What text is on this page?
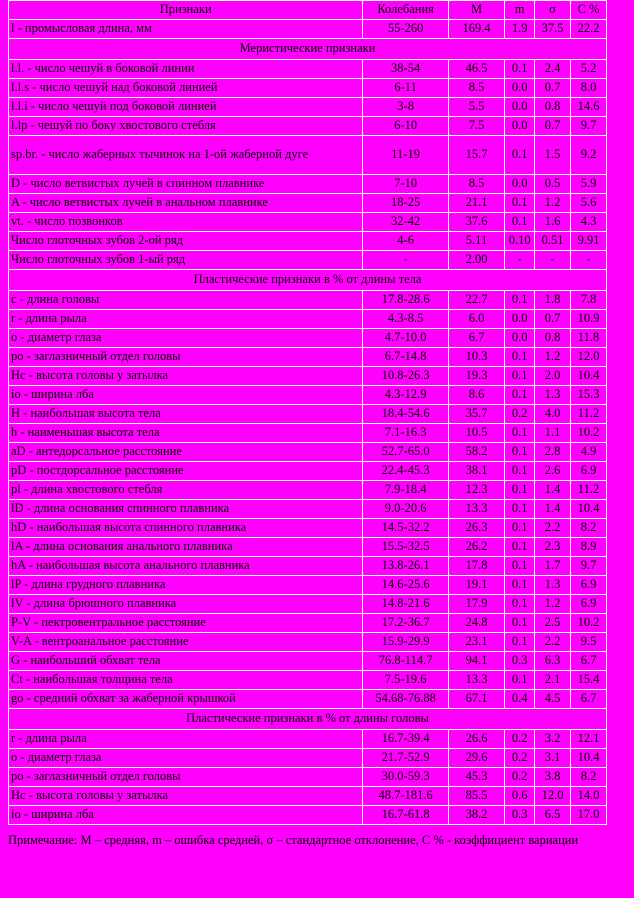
Признаки	Колебания	M	m	σ	C %
l - промысловая длина, мм	55-260	169.4	1.9	37.5	22.2
Меристические признаки					
l.l. - число чешуй в боковой линии	38-54	46.5	0.1	2.4	5.2
l.l.s - число чешуй над боковой линией	6-11	8.5	0.0	0.7	8.0
l.l.i - число чешуй под боковой линией	3-8	5.5	0.0	0.8	14.6
l.lp - чешуй по боку хвостового стебля	6-10	7.5	0.0	0.7	9.7
sp.br. - число жаберных тычинок на 1-ой жаберной дуге	11-19	15.7	0.1	1.5	9.2
D - число ветвистых лучей в спинном плавнике	7-10	8.5	0.0	0.5	5.9
A - число ветвистых лучей в анальном плавнике	18-25	21.1	0.1	1.2	5.6
vt. - число позвонков	32-42	37.6	0.1	1.6	4.3
Число глоточных зубов 2-ой ряд	4-6	5.11	0.10	0.51	9.91
Число глоточных зубов 1-ый ряд	-	2.00	-	-	-
Пластические признаки в % от длины тела					
c - длина головы	17.8-28.6	22.7	0.1	1.8	7.8
r - длина рыла	4.3-8.5	6.0	0.0	0.7	10.9
o - диаметр глаза	4.7-10.0	6.7	0.0	0.8	11.8
po - заглазничный отдел головы	6.7-14.8	10.3	0.1	1.2	12.0
Hc - высота головы у затылка	10.8-26.3	19.3	0.1	2.0	10.4
io - ширина лба	4.3-12.9	8.6	0.1	1.3	15.3
H - наибольшая высота тела	18.4-54.6	35.7	0.2	4.0	11.2
h - наименьшая высота тела	7.1-16.3	10.5	0.1	1.1	10.2
aD - антедорсальное расстояние	52.7-65.0	58.2	0.1	2.8	4.9
pD - постдорсальное расстояние	22.4-45.3	38.1	0.1	2.6	6.9
pl - длина хвостового стебля	7.9-18.4	12.3	0.1	1.4	11.2
lD - длина основания спинного плавника	9.0-20.6	13.3	0.1	1.4	10.4
hD - наибольшая высота спинного плавника	14.5-32.2	26.3	0.1	2.2	8.2
lA - длина основания анального плавника	15.5-32.5	26.2	0.1	2.3	8.9
hA - наибольшая высота анального плавника	13.8-26.1	17.8	0.1	1.7	9.7
lP - длина грудного плавника	14.6-25.6	19.1	0.1	1.3	6.9
lV - длина брюшного плавника	14.8-21.6	17.9	0.1	1.2	6.9
P-V - пектровентральное расстояние	17.2-36.7	24.8	0.1	2.5	10.2
V-A - вентроанальное расстояние	15.9-29.9	23.1	0.1	2.2	9.5
G - наибольший обхват тела	76.8-114.7	94.1	0.3	6.3	6.7
Ct - наибольшая толщина тела	7.5-19.6	13.3	0.1	2.1	15.4
go - средний обхват за жаберной крышкой	54.68-76.88	67.1	0.4	4.5	6.7
Пластические признаки в % от длины головы					
r - длина рыла	16.7-39.4	26.6	0.2	3.2	12.1
o - диаметр глаза	21.7-52.9	29.6	0.2	3.1	10.4
po - заглазничный отдел головы	30.0-59.3	45.3	0.2	3.8	8.2
Hc - высота головы у затылка	48.7-181.6	85.5	0.6	12.0	14.0
io - ширина лба	16.7-61.8	38.2	0.3	6.5	17.0
Примечание: M – средняя, m – ошибка средней, σ – стандартное отклонение, C % - коэффициент вариации
